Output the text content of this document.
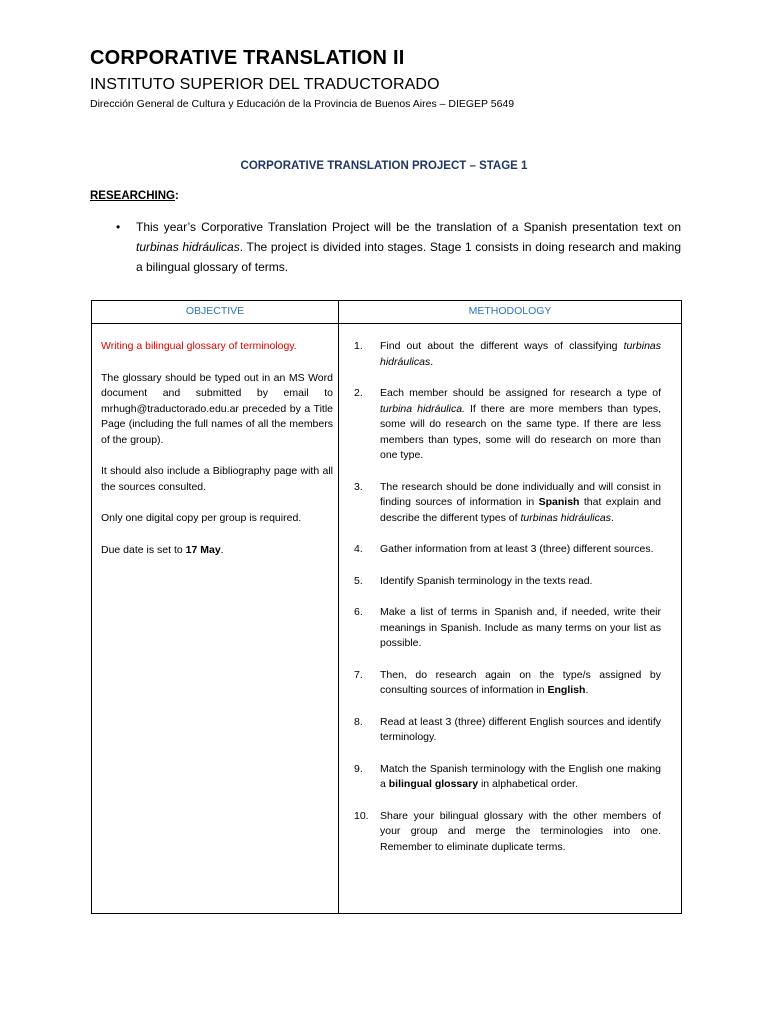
CORPORATIVE TRANSLATION II
INSTITUTO SUPERIOR DEL TRADUCTORADO
Dirección General de Cultura y Educación de la Provincia de Buenos Aires – DIEGEP 5649
CORPORATIVE TRANSLATION PROJECT – STAGE 1
RESEARCHING:
•	This year’s Corporative Translation Project will be the translation of a Spanish presentation text on turbinas hidráulicas. The project is divided into stages. Stage 1 consists in doing research and making a bilingual glossary of terms.
OBJECTIVE	METHODOLOGY

Writing a bilingual glossary of terminology.

The glossary should be typed out in an MS Word document and submitted by email to mrhugh@traductorado.edu.ar preceded by a Title Page (including the full names of all the members of the group).

It should also include a Bibliography page with all the sources consulted.

Only one digital copy per group is required.

Due date is set to 17 May.

1. Find out about the different ways of classifying turbinas hidráulicas.
2. Each member should be assigned for research a type of turbina hidráulica. If there are more members than types, some will do research on the same type. If there are less members than types, some will do research on more than one type.
3. The research should be done individually and will consist in finding sources of information in Spanish that explain and describe the different types of turbinas hidráulicas.
4. Gather information from at least 3 (three) different sources.
5. Identify Spanish terminology in the texts read.
6. Make a list of terms in Spanish and, if needed, write their meanings in Spanish. Include as many terms on your list as possible.
7. Then, do research again on the type/s assigned by consulting sources of information in English.
8. Read at least 3 (three) different English sources and identify terminology.
9. Match the Spanish terminology with the English one making a bilingual glossary in alphabetical order.
10. Share your bilingual glossary with the other members of your group and merge the terminologies into one. Remember to eliminate duplicate terms.
